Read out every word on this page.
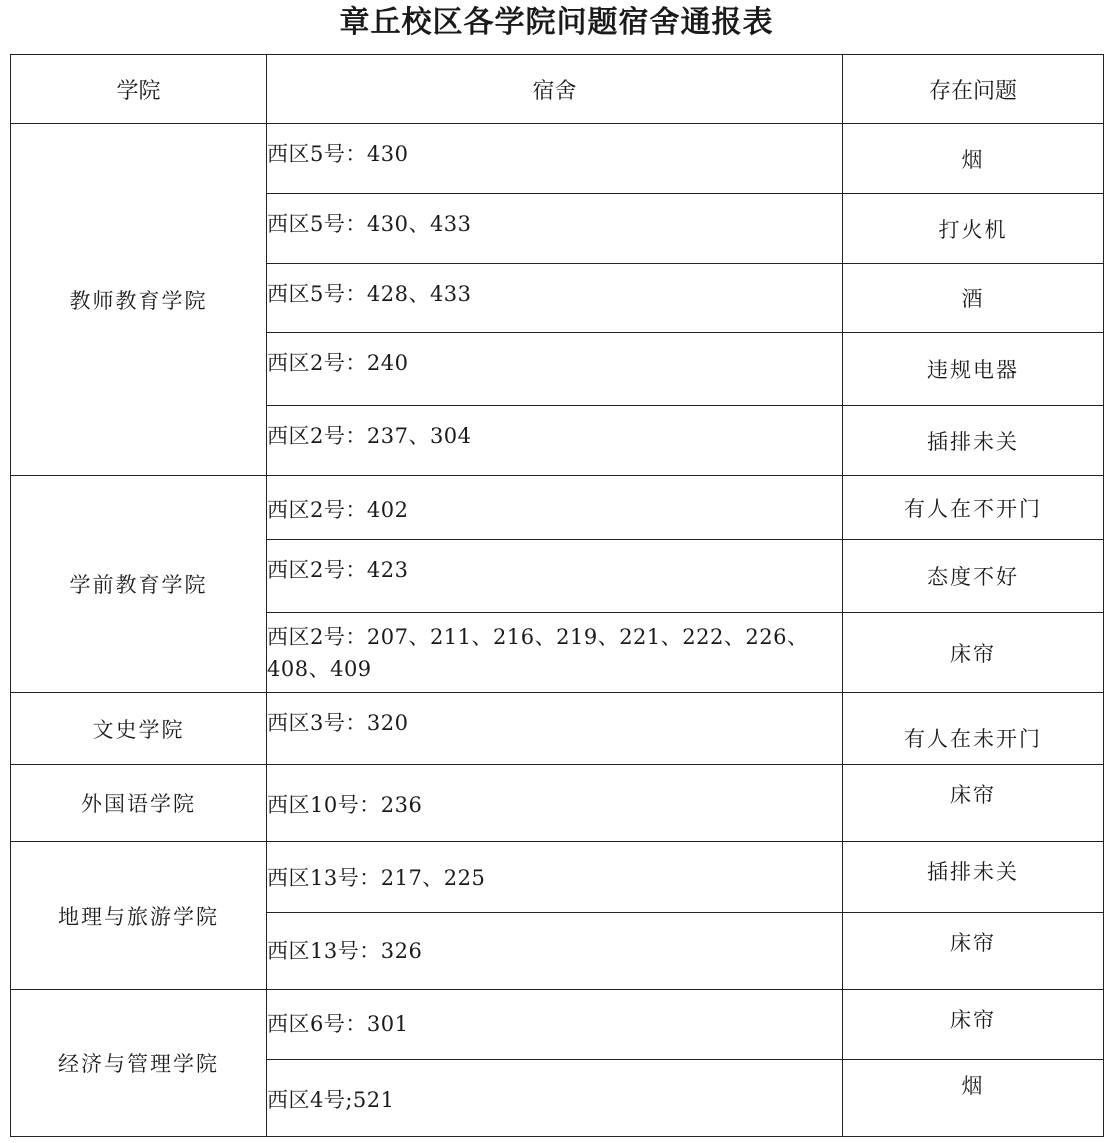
章丘校区各学院问题宿舍通报表
学院	宿舍	存在问题
教师教育学院	西区5号：430	烟
	西区5号：430、433	打火机
	西区5号：428、433	酒
	西区2号：240	违规电器
	西区2号：237、304	插排未关
学前教育学院	西区2号：402	有人在不开门
	西区2号：423	态度不好
	西区2号：207、211、216、219、221、222、226、408、409	床帘
文史学院	西区3号：320	有人在未开门
外国语学院	西区10号：236	床帘
地理与旅游学院	西区13号：217、225	插排未关
	西区13号：326	床帘
经济与管理学院	西区6号：301	床帘
	西区4号;521	烟
